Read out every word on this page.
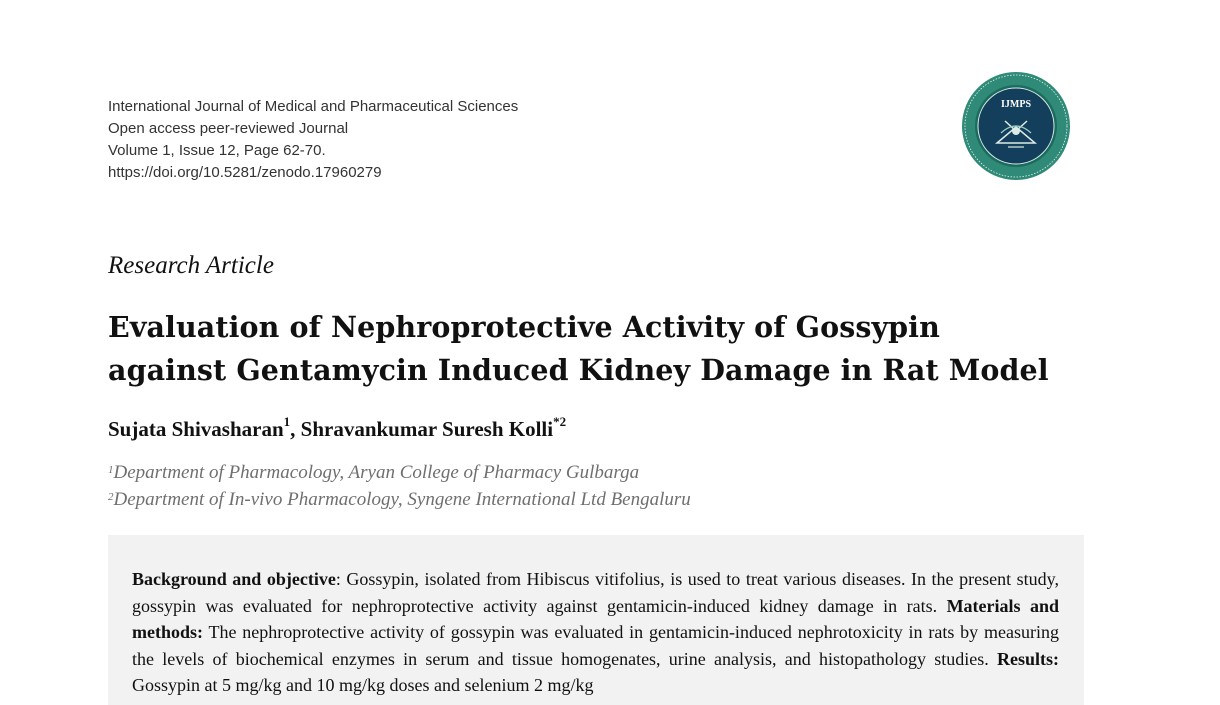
International Journal of Medical and Pharmaceutical Sciences
Open access peer-reviewed Journal
Volume 1, Issue 12, Page 62-70.
https://doi.org/10.5281/zenodo.17960279
IJMPS
Research Article
Evaluation of Nephroprotective Activity of Gossypin
against Gentamycin Induced Kidney Damage in Rat Model
Sujata Shivasharan$^1$, Shravankumar Suresh Kolli$^{*2}$
$^1$Department of Pharmacology, Aryan College of Pharmacy Gulbarga
$^2$Department of In-vivo Pharmacology, Syngene International Ltd Bengaluru
Background and objective: Gossypin, isolated from Hibiscus vitifolius, is used to treat various diseases. In the present study, gossypin was evaluated for nephroprotective activity against gentamicin-induced kidney damage in rats. Materials and methods: The nephroprotective activity of gossypin was evaluated in gentamicin-induced nephrotoxicity in rats by measuring the levels of biochemical enzymes in serum and tissue homogenates, urine analysis, and histopathology studies. Results: Gossypin at 5 mg/kg and 10 mg/kg doses and selenium 2 mg/kg
